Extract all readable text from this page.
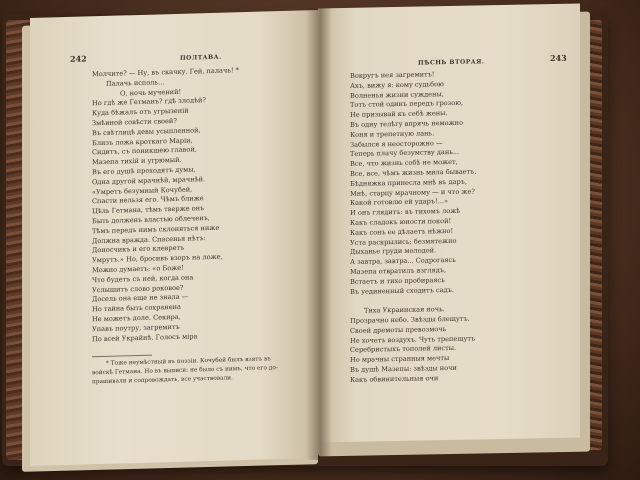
242	ПОЛТАВА.
Молчите? — Ну, въ скачку. Гей, палачь! *
Палачь исполь...
О, ночь мучений!
Но гдѣ же Гетманъ? гдѣ злодѣй?
Куда бѣжалъ отъ угрызеній
Змѣиной совѣсти своей?
Въ свѣтлицѣ девы усыпленной,
Близъ ложа кроткаго Марiи,
Сидитъ, съ поникшею главой,
Мазепа тихій и угрюмый.
Въ его душѣ проходятъ думы,
Одна другой мрачнѣй, мрачнѣй.
«Умретъ безумный Кочубей,
Спасти нельзя его. Чѣмъ ближе
Цѣль Гетмана, тѣмъ тверже онъ
Быть долженъ властью облеченъ,
Тѣмъ передъ нимъ склоняться ниже
Должна вражда. Спасенья нѣтъ:
Доносчикъ и его клевретъ
Умрутъ.» Но, бросивъ взоръ на ложе,
Можно думаетъ: «о Боже!
Что будетъ съ ней, когда она
Услышитъ слово роковое?
Досель она еще не знала —
Но тайна быть сохранена
Не можетъ доле. Секира,
Упавъ поутру, загремитъ
По всей Украйнѣ. Голосъ міра
* Тоже неумѣстный въ поэзіи. Кочубей былъ взятъ въ
войскѣ Гетмана. Но въ выписи: не было съ нимъ, что его до-
прашивали и сопровождать, все участвовали.
ПѢСНЬ ВТОРАЯ.	243
Вокругъ нея загремитъ!
Ахъ, вижу я: кому судьбою
Волненья жизни суждены,
Тотъ стой одинъ передъ грозою,
Не призывай къ себѣ жены.
Въ одну телѣгу впрячь неможно
Коня и трепетную лань.
Забылся я неосторожно —
Теперь плачу безумству дань...
Все, что жизнь собѣ не может,
Все, все, чѣмъ жизнь мила бываетъ,
Бѣдняжка принесла мнѣ въ даръ,
Мнѣ, старцу мрачному — и что же?
Какой готовлю ей ударъ!...»
И онъ глядитъ: въ тихомъ ложѣ
Какъ сладокъ юности покой!
Какъ сонъ ее дѣлаетъ нѣжно!
Уста раскрылись; безмятежно
Дыханье груди молодой.
А завтра, завтра... Содрогаясь
Мазепа отвратилъ взглядъ,
Встаетъ и тихо пробираясь
Въ уединенный сходитъ садъ.

Тиха Украинская ночь.
Прозрачно небо. Звѣзды блещутъ.
Своей дремоты превозмочь
Не хочетъ воздухъ. Чуть трепещутъ
Серебристыхъ тополей листы.
Но мрачны странныя мечты
Въ душѣ Мазепы: звѣзды ночи
Какъ обвинительныя очи
